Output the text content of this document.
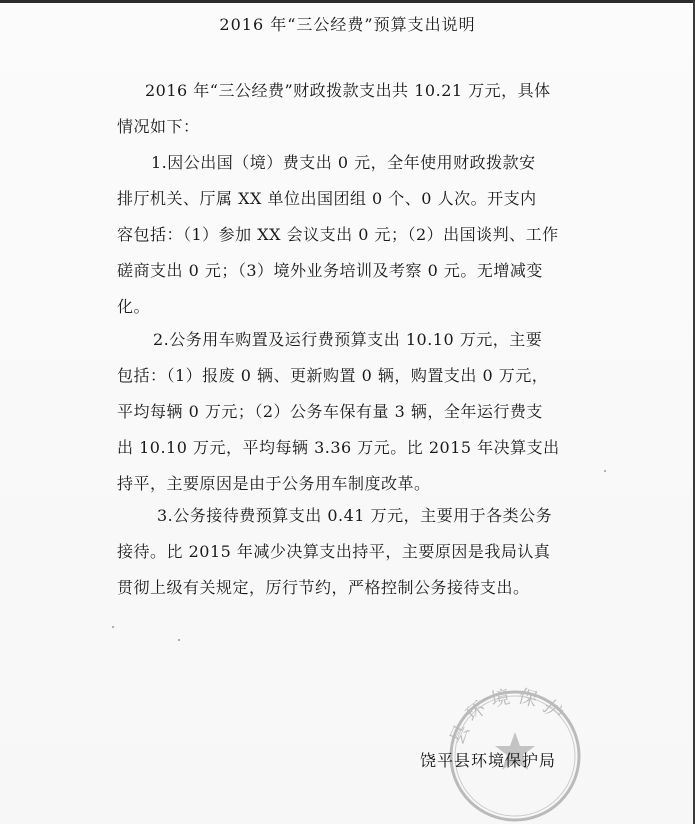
2016 年“三公经费”预算支出说明
2016 年“三公经费”财政拨款支出共 10.21 万元，具体
情况如下：
1.因公出国（境）费支出 0 元，全年使用财政拨款安
排厅机关、厅属 XX 单位出国团组 0 个、0 人次。开支内
容包括：（1）参加 XX 会议支出 0 元；（2）出国谈判、工作
磋商支出 0 元；（3）境外业务培训及考察 0 元。无增减变
化。
2.公务用车购置及运行费预算支出 10.10 万元，主要
包括：（1）报废 0 辆、更新购置 0 辆，购置支出 0 万元，
平均每辆 0 万元；（2）公务车保有量 3 辆，全年运行费支
出 10.10 万元，平均每辆 3.36 万元。比 2015 年决算支出
持平，主要原因是由于公务用车制度改革。
3.公务接待费预算支出 0.41 万元，主要用于各类公务
接待。比 2015 年减少决算支出持平，主要原因是我局认真
贯彻上级有关规定，厉行节约，严格控制公务接待支出。
县环境保护
饶平县环境保护局
